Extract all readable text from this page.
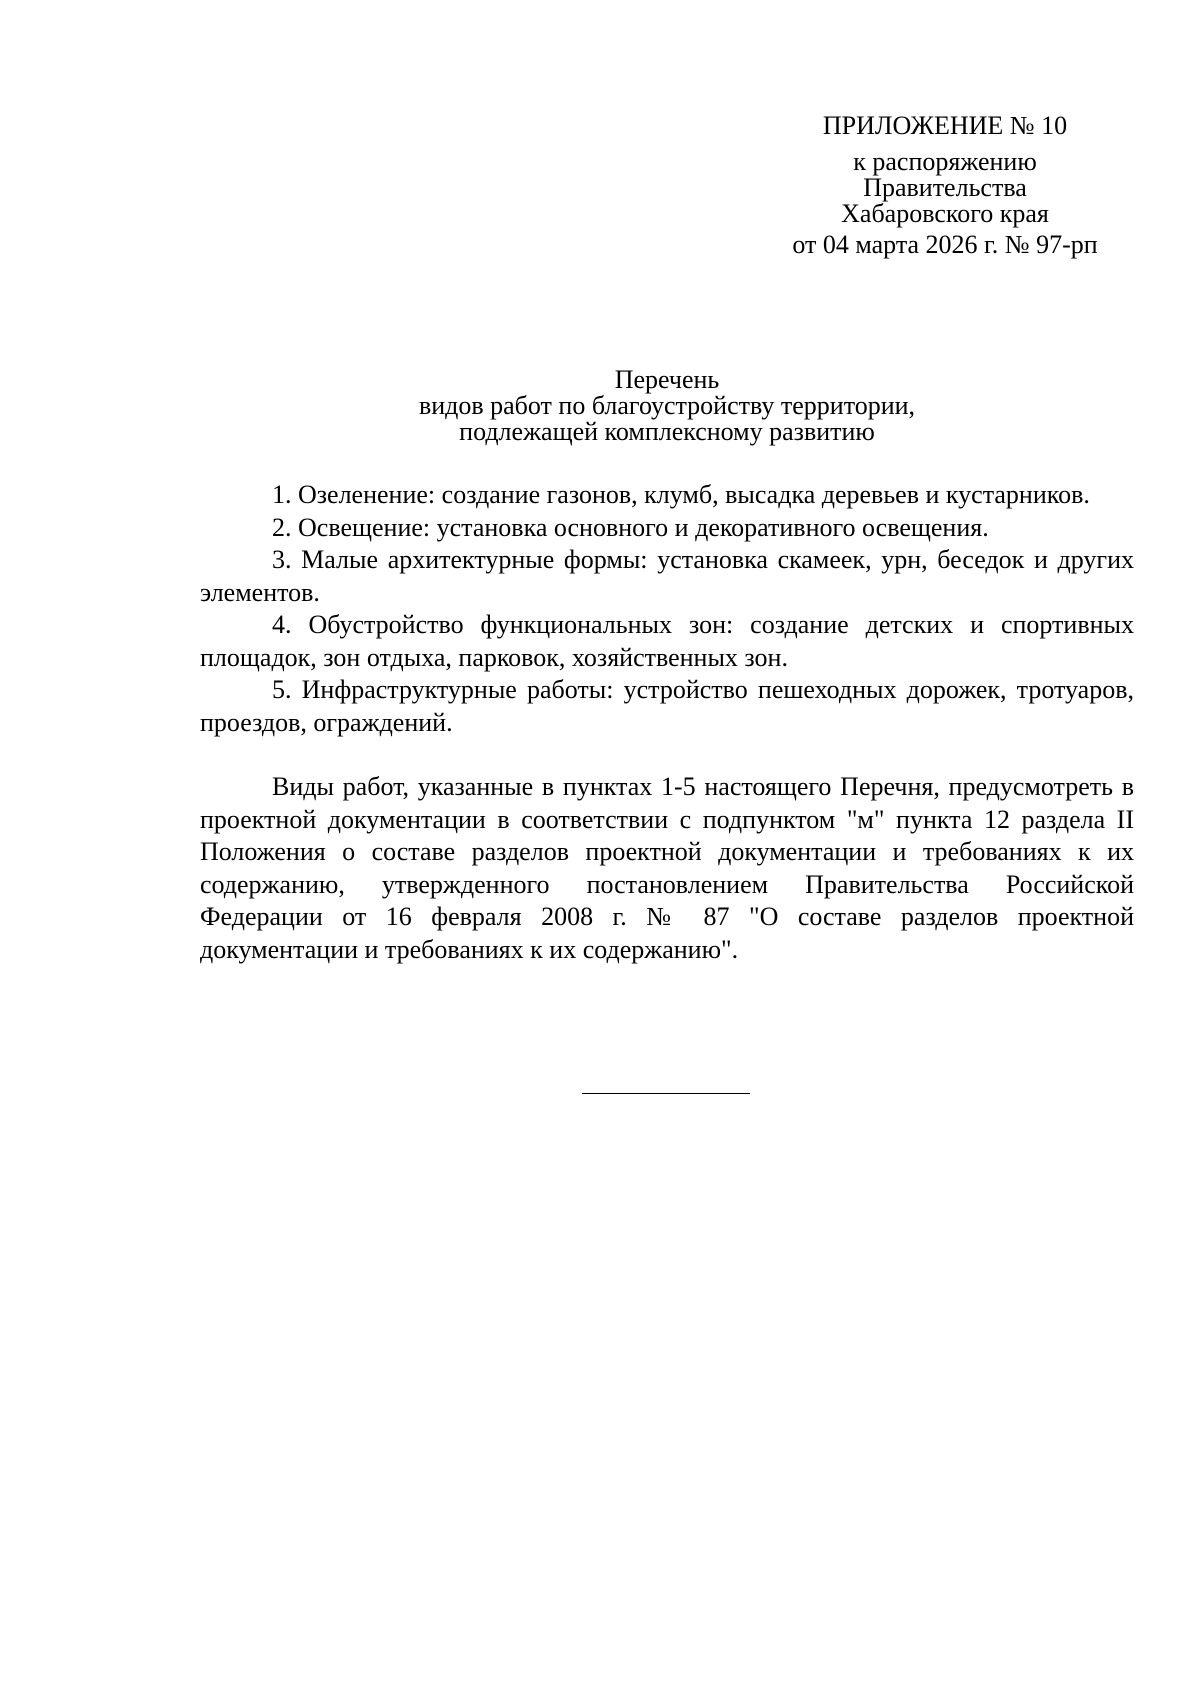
ПРИЛОЖЕНИЕ № 10
к распоряжению
Правительства
Хабаровского края
от 04 марта 2026 г. № 97-рп
Перечень
видов работ по благоустройству территории,
подлежащей комплексному развитию

1. Озеленение: создание газонов, клумб, высадка деревьев и кустарников.

2. Освещение: установка основного и декоративного освещения.

3. Малые архитектурные формы: установка скамеек, урн, беседок и других элементов.

4. Обустройство функциональных зон: создание детских и спортивных площадок, зон отдыха, парковок, хозяйственных зон.

5. Инфраструктурные работы: устройство пешеходных дорожек, тротуаров, проездов, ограждений.

Виды работ, указанные в пунктах 1-5 настоящего Перечня, предусмотреть в проектной документации в соответствии с подпунктом "м" пункта 12 раздела II Положения о составе разделов проектной документации и требованиях к их содержанию, утвержденного постановлением Правительства Российской Федерации от 16 февраля 2008 г. № 87 "О составе разделов проектной документации и требованиях к их содержанию".
